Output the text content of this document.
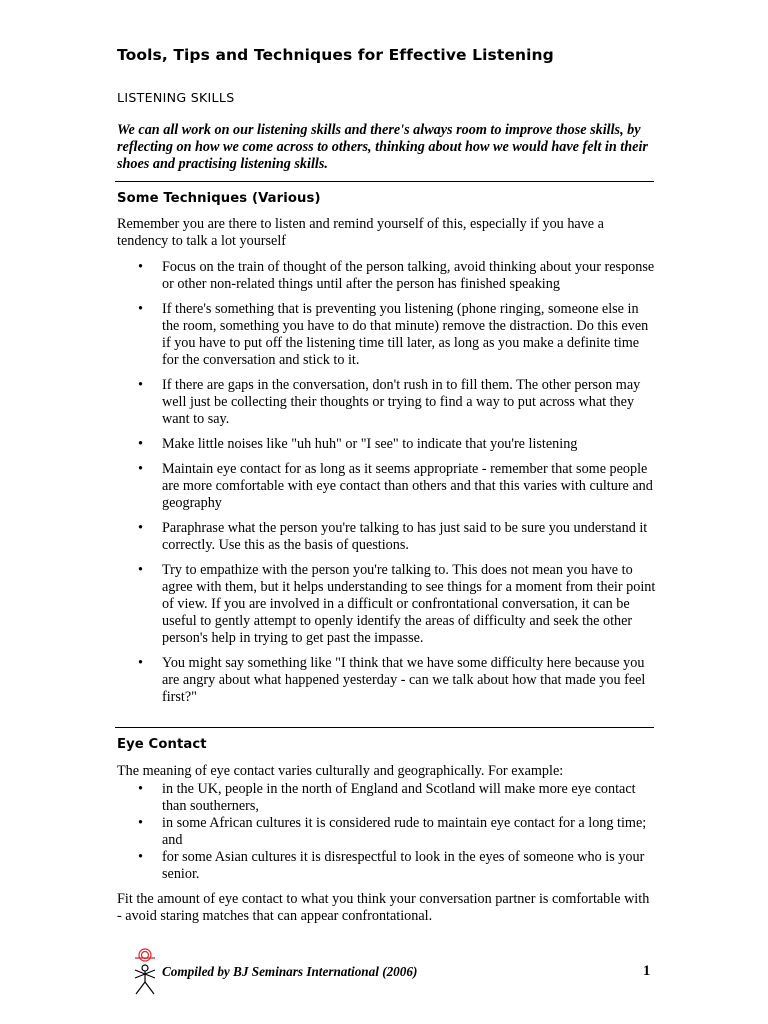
Tools, Tips and Techniques for Effective Listening
LISTENING SKILLS
We can all work on our listening skills and there's always room to improve those skills, by reflecting on how we come across to others, thinking about how we would have felt in their shoes and practising listening skills.
Some Techniques (Various)
Remember you are there to listen and remind yourself of this, especially if you have a tendency to talk a lot yourself
• Focus on the train of thought of the person talking, avoid thinking about your response or other non-related things until after the person has finished speaking
• If there's something that is preventing you listening (phone ringing, someone else in the room, something you have to do that minute) remove the distraction. Do this even if you have to put off the listening time till later, as long as you make a definite time for the conversation and stick to it.
• If there are gaps in the conversation, don't rush in to fill them. The other person may well just be collecting their thoughts or trying to find a way to put across what they want to say.
• Make little noises like "uh huh" or "I see" to indicate that you're listening
• Maintain eye contact for as long as it seems appropriate - remember that some people are more comfortable with eye contact than others and that this varies with culture and geography
• Paraphrase what the person you're talking to has just said to be sure you understand it correctly. Use this as the basis of questions.
• Try to empathize with the person you're talking to. This does not mean you have to agree with them, but it helps understanding to see things for a moment from their point of view. If you are involved in a difficult or confrontational conversation, it can be useful to gently attempt to openly identify the areas of difficulty and seek the other person's help in trying to get past the impasse.
• You might say something like "I think that we have some difficulty here because you are angry about what happened yesterday - can we talk about how that made you feel first?"
Eye Contact
The meaning of eye contact varies culturally and geographically. For example:
• in the UK, people in the north of England and Scotland will make more eye contact than southerners,
• in some African cultures it is considered rude to maintain eye contact for a long time; and
• for some Asian cultures it is disrespectful to look in the eyes of someone who is your senior.
Fit the amount of eye contact to what you think your conversation partner is comfortable with - avoid staring matches that can appear confrontational.
Compiled by BJ Seminars International (2006)	1
